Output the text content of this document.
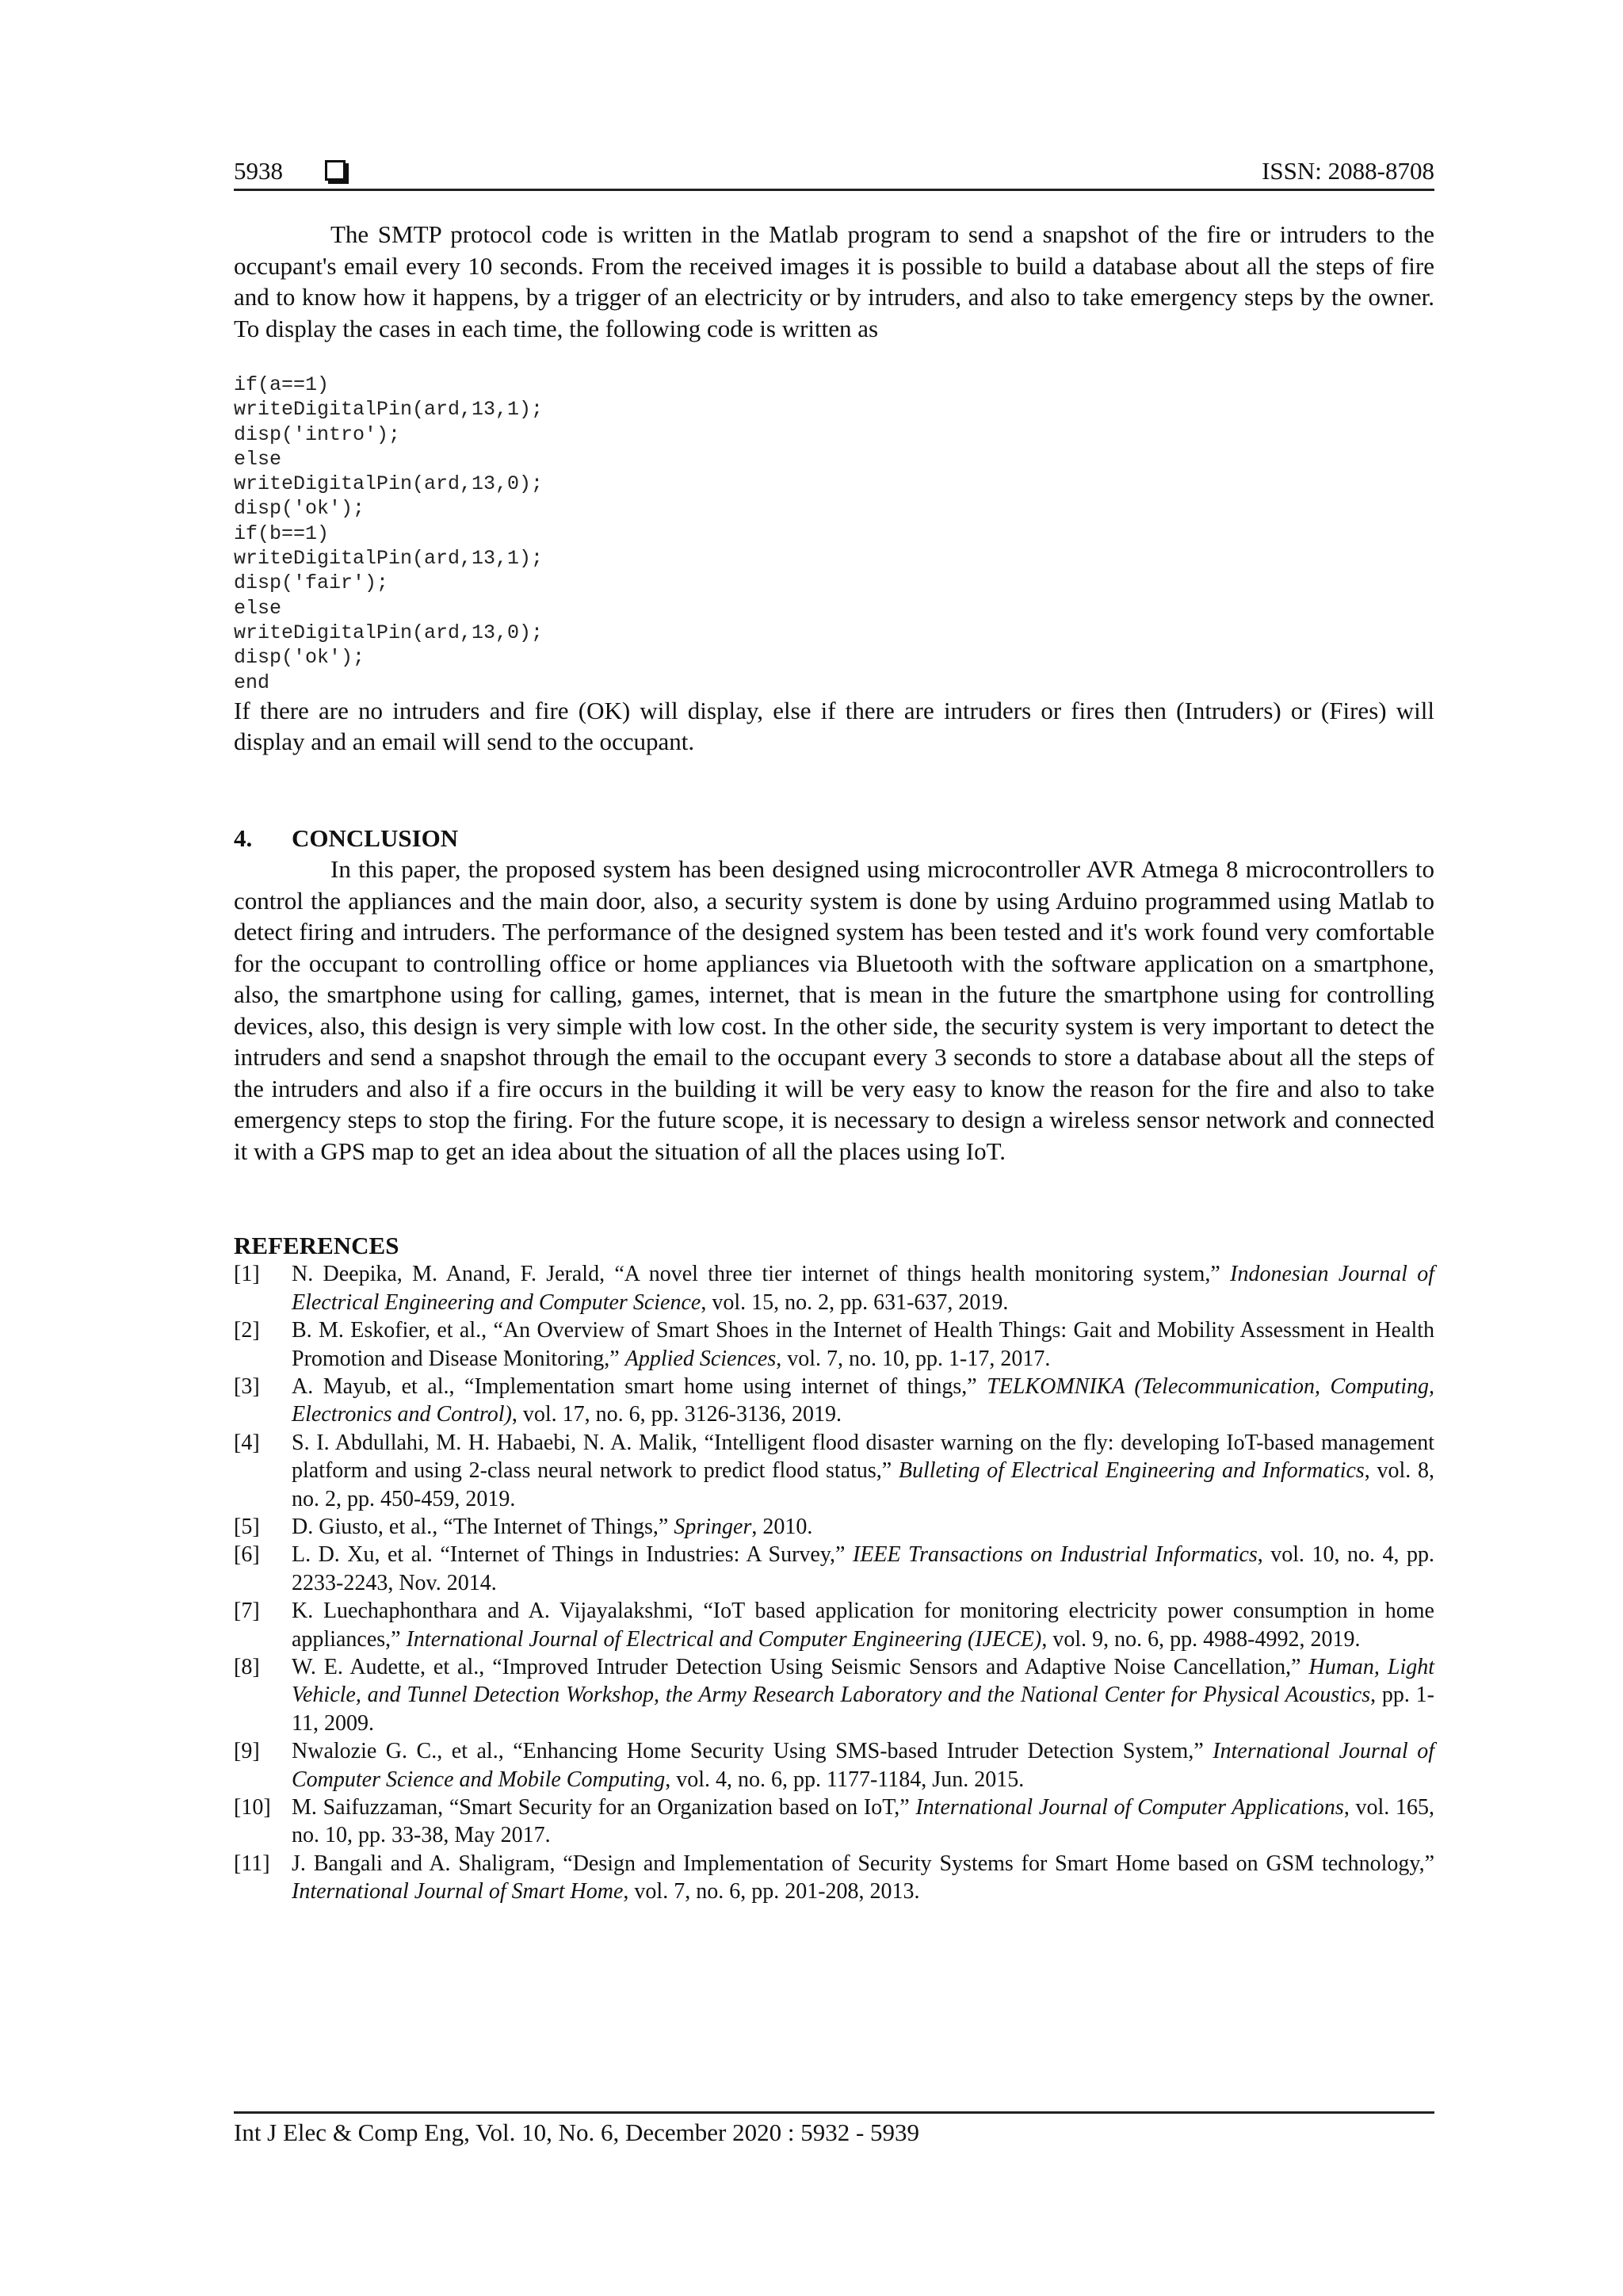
5938	ISSN: 2088-8708

The SMTP protocol code is written in the Matlab program to send a snapshot of the fire or intruders to the occupant's email every 10 seconds. From the received images it is possible to build a database about all the steps of fire and to know how it happens, by a trigger of an electricity or by intruders, and also to take emergency steps by the owner. To display the cases in each time, the following code is written as

if(a==1)
writeDigitalPin(ard,13,1);
disp('intro');
else
writeDigitalPin(ard,13,0);
disp('ok');
if(b==1)
writeDigitalPin(ard,13,1);
disp('fair');
else
writeDigitalPin(ard,13,0);
disp('ok');
end

If there are no intruders and fire (OK) will display, else if there are intruders or fires then (Intruders) or (Fires) will display and an email will send to the occupant.

4. CONCLUSION

In this paper, the proposed system has been designed using microcontroller AVR Atmega 8 microcontrollers to control the appliances and the main door, also, a security system is done by using Arduino programmed using Matlab to detect firing and intruders. The performance of the designed system has been tested and it's work found very comfortable for the occupant to controlling office or home appliances via Bluetooth with the software application on a smartphone, also, the smartphone using for calling, games, internet, that is mean in the future the smartphone using for controlling devices, also, this design is very simple with low cost. In the other side, the security system is very important to detect the intruders and send a snapshot through the email to the occupant every 3 seconds to store a database about all the steps of the intruders and also if a fire occurs in the building it will be very easy to know the reason for the fire and also to take emergency steps to stop the firing. For the future scope, it is necessary to design a wireless sensor network and connected it with a GPS map to get an idea about the situation of all the places using IoT.

REFERENCES
[1] N. Deepika, M. Anand, F. Jerald, “A novel three tier internet of things health monitoring system,” Indonesian Journal of Electrical Engineering and Computer Science, vol. 15, no. 2, pp. 631-637, 2019.
[2] B. M. Eskofier, et al., “An Overview of Smart Shoes in the Internet of Health Things: Gait and Mobility Assessment in Health Promotion and Disease Monitoring,” Applied Sciences, vol. 7, no. 10, pp. 1-17, 2017.
[3] A. Mayub, et al., “Implementation smart home using internet of things,” TELKOMNIKA (Telecommunication, Computing, Electronics and Control), vol. 17, no. 6, pp. 3126-3136, 2019.
[4] S. I. Abdullahi, M. H. Habaebi, N. A. Malik, “Intelligent flood disaster warning on the fly: developing IoT-based management platform and using 2-class neural network to predict flood status,” Bulleting of Electrical Engineering and Informatics, vol. 8, no. 2, pp. 450-459, 2019.
[5] D. Giusto, et al., “The Internet of Things,” Springer, 2010.
[6] L. D. Xu, et al. “Internet of Things in Industries: A Survey,” IEEE Transactions on Industrial Informatics, vol. 10, no. 4, pp. 2233-2243, Nov. 2014.
[7] K. Luechaphonthara and A. Vijayalakshmi, “IoT based application for monitoring electricity power consumption in home appliances,” International Journal of Electrical and Computer Engineering (IJECE), vol. 9, no. 6, pp. 4988-4992, 2019.
[8] W. E. Audette, et al., “Improved Intruder Detection Using Seismic Sensors and Adaptive Noise Cancellation,” Human, Light Vehicle, and Tunnel Detection Workshop, the Army Research Laboratory and the National Center for Physical Acoustics, pp. 1-11, 2009.
[9] Nwalozie G. C., et al., “Enhancing Home Security Using SMS-based Intruder Detection System,” International Journal of Computer Science and Mobile Computing, vol. 4, no. 6, pp. 1177-1184, Jun. 2015.
[10] M. Saifuzzaman, “Smart Security for an Organization based on IoT,” International Journal of Computer Applications, vol. 165, no. 10, pp. 33-38, May 2017.
[11] J. Bangali and A. Shaligram, “Design and Implementation of Security Systems for Smart Home based on GSM technology,” International Journal of Smart Home, vol. 7, no. 6, pp. 201-208, 2013.
Int J Elec & Comp Eng, Vol. 10, No. 6, December 2020 : 5932 - 5939
